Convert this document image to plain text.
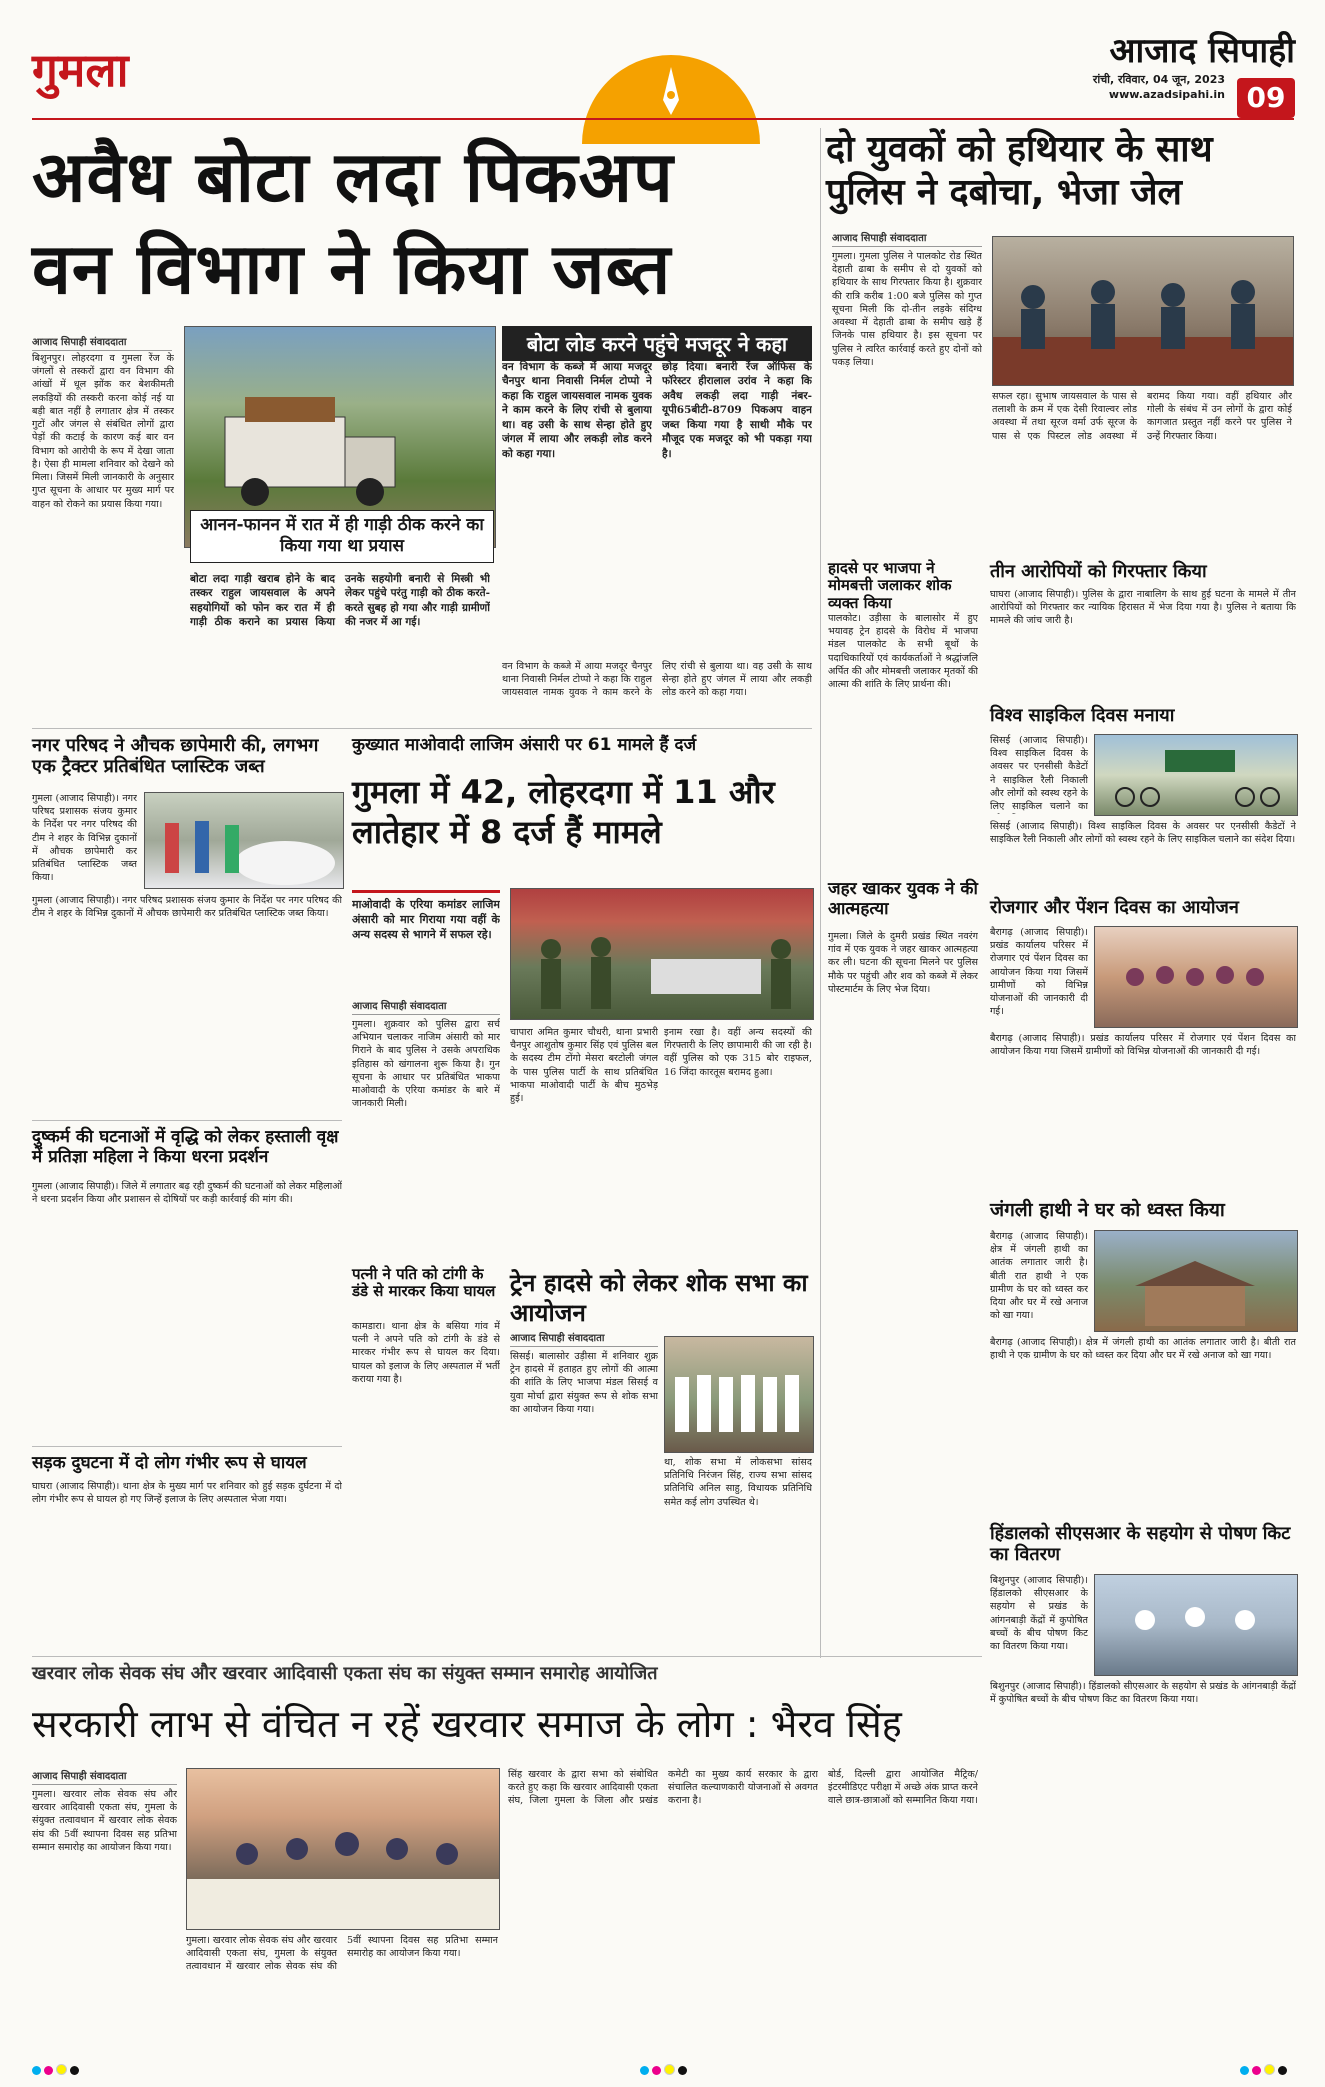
गुमला	आजाद सिपाही
रांची, रविवार, 04 जून, 2023
www.azadsipahi.in 09
अवैध बोटा लदा पिकअप
वन विभाग ने किया जब्त
दो युवकों को हथियार के साथ पुलिस ने दबोचा, भेजा जेल
आजाद सिपाही संवाददाता
गुमला। गुमला पुलिस ने पालकोट रोड स्थित देहाती ढाबा के समीप से दो युवकों को हथियार के साथ गिरफ्तार किया है। शुक्रवार की रात्रि करीब 1:00 बजे पुलिस को गुप्त सूचना मिली कि दो-तीन लड़के संदिग्ध अवस्था में देहाती ढाबा के समीप खड़े हैं जिनके पास हथियार है। इस सूचना पर पुलिस ने त्वरित कार्रवाई करते हुए दोनों को पकड़ लिया।
सफल रहा। सुभाष जायसवाल के पास से तलाशी के क्रम में एक देसी रिवाल्वर लोड अवस्था में तथा सूरज वर्मा उर्फ सूरज के पास से एक पिस्टल लोड अवस्था में बरामद किया गया। वहीं हथियार और गोली के संबंध में उन लोगों के द्वारा कोई कागजात प्रस्तुत नहीं करने पर पुलिस ने उन्हें गिरफ्तार किया।
आजाद सिपाही संवाददाता
बिशुनपुर। लोहरदगा व गुमला रेंज के जंगलों से तस्करों द्वारा वन विभाग की आंखों में धूल झोंक कर बेशकीमती लकड़ियों की तस्करी करना कोई नई या बड़ी बात नहीं है लगातार क्षेत्र में तस्कर गुटों और जंगल से संबंधित लोगों द्वारा पेड़ों की कटाई के कारण कई बार वन विभाग को आरोपी के रूप में देखा जाता है। ऐसा ही मामला शनिवार को देखने को मिला। जिसमें मिली जानकारी के अनुसार गुप्त सूचना के आधार पर मुख्य मार्ग पर वाहन को रोकने का प्रयास किया गया।
आनन-फानन में रात में ही गाड़ी ठीक करने का किया गया था प्रयास
बोटा लोड करने पहुंचे मजदूर ने कहा
वन विभाग के कब्जे में आया मजदूर चैनपुर थाना निवासी निर्मल टोप्पो ने कहा कि राहुल जायसवाल नामक युवक ने काम करने के लिए रांची से बुलाया था। वह उसी के साथ सेन्हा होते हुए जंगल में लाया और लकड़ी लोड करने को कहा गया।
छोड़ दिया। बनारी रेंज ऑफिस के फॉरेस्टर हीरालाल उरांव ने कहा कि अवैध लकड़ी लदा गाड़ी नंबर-यूपी65बीटी-8709 पिकअप वाहन जब्त किया गया है साथी मौके पर मौजूद एक मजदूर को भी पकड़ा गया है।
बोटा लदा गाड़ी खराब होने के बाद तस्कर राहुल जायसवाल के अपने सहयोगियों को फोन कर रात में ही गाड़ी ठीक कराने का प्रयास किया उनके सहयोगी बनारी से मिस्त्री भी लेकर पहुंचे परंतु गाड़ी को ठीक करते-करते सुबह हो गया और गाड़ी ग्रामीणों की नजर में आ गई।
वन विभाग के कब्जे में आया मजदूर चैनपुर थाना निवासी निर्मल टोप्पो ने कहा कि राहुल जायसवाल नामक युवक ने काम करने के लिए रांची से बुलाया था। वह उसी के साथ सेन्हा होते हुए जंगल में लाया और लकड़ी लोड करने को कहा गया।
नगर परिषद ने औचक छापेमारी की, लगभग एक ट्रैक्टर प्रतिबंधित प्लास्टिक जब्त
गुमला (आजाद सिपाही)। नगर परिषद प्रशासक संजय कुमार के निर्देश पर नगर परिषद की टीम ने शहर के विभिन्न दुकानों में औचक छापेमारी कर प्रतिबंधित प्लास्टिक जब्त किया।
गुमला (आजाद सिपाही)। नगर परिषद प्रशासक संजय कुमार के निर्देश पर नगर परिषद की टीम ने शहर के विभिन्न दुकानों में औचक छापेमारी कर प्रतिबंधित प्लास्टिक जब्त किया।
दुष्कर्म की घटनाओं में वृद्धि को लेकर हस्ताली वृक्ष में प्रतिज्ञा महिला ने किया धरना प्रदर्शन
गुमला (आजाद सिपाही)। जिले में लगातार बढ़ रही दुष्कर्म की घटनाओं को लेकर महिलाओं ने धरना प्रदर्शन किया और प्रशासन से दोषियों पर कड़ी कार्रवाई की मांग की।
सड़क दुघटना में दो लोग गंभीर रूप से घायल
घाघरा (आजाद सिपाही)। थाना क्षेत्र के मुख्य मार्ग पर शनिवार को हुई सड़क दुर्घटना में दो लोग गंभीर रूप से घायल हो गए जिन्हें इलाज के लिए अस्पताल भेजा गया।
कुख्यात माओवादी लाजिम अंसारी पर 61 मामले हैं दर्ज
गुमला में 42, लोहरदगा में 11 और लातेहार में 8 दर्ज हैं मामले
माओवादी के एरिया कमांडर लाजिम अंसारी को मार गिराया गया वहीं के अन्य सदस्य से भागने में सफल रहे।
आजाद सिपाही संवाददाता
गुमला। शुक्रवार को पुलिस द्वारा सर्च अभियान चलाकर नाजिम अंसारी को मार गिराने के बाद पुलिस ने उसके अपराधिक इतिहास को खंगालना शुरू किया है। गुन सूचना के आधार पर प्रतिबंधित भाकपा माओवादी के एरिया कमांडर के बारे में जानकारी मिली।
चापारा अमित कुमार चौधरी, थाना प्रभारी चैनपुर आशुतोष कुमार सिंह एवं पुलिस बल के सदस्य टीम टोंगो मेसरा बरटोली जंगल के पास पुलिस पार्टी के साथ प्रतिबंधित भाकपा माओवादी पार्टी के बीच मुठभेड़ हुई।
इनाम रखा है। वहीं अन्य सदस्यों की गिरफ्तारी के लिए छापामारी की जा रही है। वहीं पुलिस को एक 315 बोर राइफल, 16 जिंदा कारतूस बरामद हुआ।
पत्नी ने पति को टांगी के डंडे से मारकर किया घायल
कामडारा। थाना क्षेत्र के बसिया गांव में पत्नी ने अपने पति को टांगी के डंडे से मारकर गंभीर रूप से घायल कर दिया। घायल को इलाज के लिए अस्पताल में भर्ती कराया गया है।
ट्रेन हादसे को लेकर शोक सभा का आयोजन
आजाद सिपाही संवाददाता
सिसई। बालासोर उड़ीसा में शनिवार शुक्र ट्रेन हादसे में हताहत हुए लोगों की आत्मा की शांति के लिए भाजपा मंडल सिसई व युवा मोर्चा द्वारा संयुक्त रूप से शोक सभा का आयोजन किया गया।
था, शोक सभा में लोकसभा सांसद प्रतिनिधि निरंजन सिंह, राज्य सभा सांसद प्रतिनिधि अनिल साहु, विधायक प्रतिनिधि समेत कई लोग उपस्थित थे।
हादसे पर भाजपा ने मोमबत्ती जलाकर शोक व्यक्त किया
पालकोट। उड़ीसा के बालासोर में हुए भयावह ट्रेन हादसे के विरोध में भाजपा मंडल पालकोट के सभी बूथों के पदाधिकारियों एवं कार्यकर्ताओं ने श्रद्धांजलि अर्पित की और मोमबत्ती जलाकर मृतकों की आत्मा की शांति के लिए प्रार्थना की।
जहर खाकर युवक ने की आत्महत्या
गुमला। जिले के दुमरी प्रखंड स्थित नवरंग गांव में एक युवक ने जहर खाकर आत्महत्या कर ली। घटना की सूचना मिलने पर पुलिस मौके पर पहुंची और शव को कब्जे में लेकर पोस्टमार्टम के लिए भेज दिया।
तीन आरोपियों को गिरफ्तार किया
घाघरा (आजाद सिपाही)। पुलिस के द्वारा नाबालिग के साथ हुई घटना के मामले में तीन आरोपियों को गिरफ्तार कर न्यायिक हिरासत में भेज दिया गया है। पुलिस ने बताया कि मामले की जांच जारी है।
विश्व साइकिल दिवस मनाया
सिसई (आजाद सिपाही)। विश्व साइकिल दिवस के अवसर पर एनसीसी कैडेटों ने साइकिल रैली निकाली और लोगों को स्वस्थ रहने के लिए साइकिल चलाने का
सिसई (आजाद सिपाही)। विश्व साइकिल दिवस के अवसर पर एनसीसी कैडेटों ने साइकिल रैली निकाली और लोगों को स्वस्थ रहने के लिए साइकिल चलाने का संदेश दिया।
रोजगार और पेंशन दिवस का आयोजन
बैरागढ़ (आजाद सिपाही)। प्रखंड कार्यालय परिसर में रोजगार एवं पेंशन दिवस का आयोजन किया गया जिसमें ग्रामीणों को विभिन्न योजनाओं की जानकारी दी गई।
बैरागढ़ (आजाद सिपाही)। प्रखंड कार्यालय परिसर में रोजगार एवं पेंशन दिवस का आयोजन किया गया जिसमें ग्रामीणों को विभिन्न योजनाओं की जानकारी दी गई।
जंगली हाथी ने घर को ध्वस्त किया
बैरागढ़ (आजाद सिपाही)। क्षेत्र में जंगली हाथी का आतंक लगातार जारी है। बीती रात हाथी ने एक ग्रामीण के घर को ध्वस्त कर दिया और घर में रखे अनाज को खा गया।
बैरागढ़ (आजाद सिपाही)। क्षेत्र में जंगली हाथी का आतंक लगातार जारी है। बीती रात हाथी ने एक ग्रामीण के घर को ध्वस्त कर दिया और घर में रखे अनाज को खा गया।
हिंडालको सीएसआर के सहयोग से पोषण किट का वितरण
बिशुनपुर (आजाद सिपाही)। हिंडालको सीएसआर के सहयोग से प्रखंड के आंगनबाड़ी केंद्रों में कुपोषित बच्चों के बीच पोषण किट का वितरण किया गया।
बिशुनपुर (आजाद सिपाही)। हिंडालको सीएसआर के सहयोग से प्रखंड के आंगनबाड़ी केंद्रों में कुपोषित बच्चों के बीच पोषण किट का वितरण किया गया।
खरवार लोक सेवक संघ और खरवार आदिवासी एकता संघ का संयुक्त सम्मान समारोह आयोजित
सरकारी लाभ से वंचित न रहें खरवार समाज के लोग : भैरव सिंह
आजाद सिपाही संवाददाता
गुमला। खरवार लोक सेवक संघ और खरवार आदिवासी एकता संघ, गुमला के संयुक्त तत्वावधान में खरवार लोक सेवक संघ की 5वीं स्थापना दिवस सह प्रतिभा सम्मान समारोह का आयोजन किया गया।
गुमला। खरवार लोक सेवक संघ और खरवार आदिवासी एकता संघ, गुमला के संयुक्त तत्वावधान में खरवार लोक सेवक संघ की 5वीं स्थापना दिवस सह प्रतिभा सम्मान समारोह का आयोजन किया गया।
सिंह खरवार के द्वारा सभा को संबोधित करते हुए कहा कि खरवार आदिवासी एकता संघ, जिला गुमला के जिला और प्रखंड कमेटी का मुख्य कार्य सरकार के द्वारा संचालित कल्याणकारी योजनाओं से अवगत कराना है।
बोर्ड, दिल्ली द्वारा आयोजित मैट्रिक/इंटरमीडिएट परीक्षा में अच्छे अंक प्राप्त करने वाले छात्र-छात्राओं को सम्मानित किया गया।
